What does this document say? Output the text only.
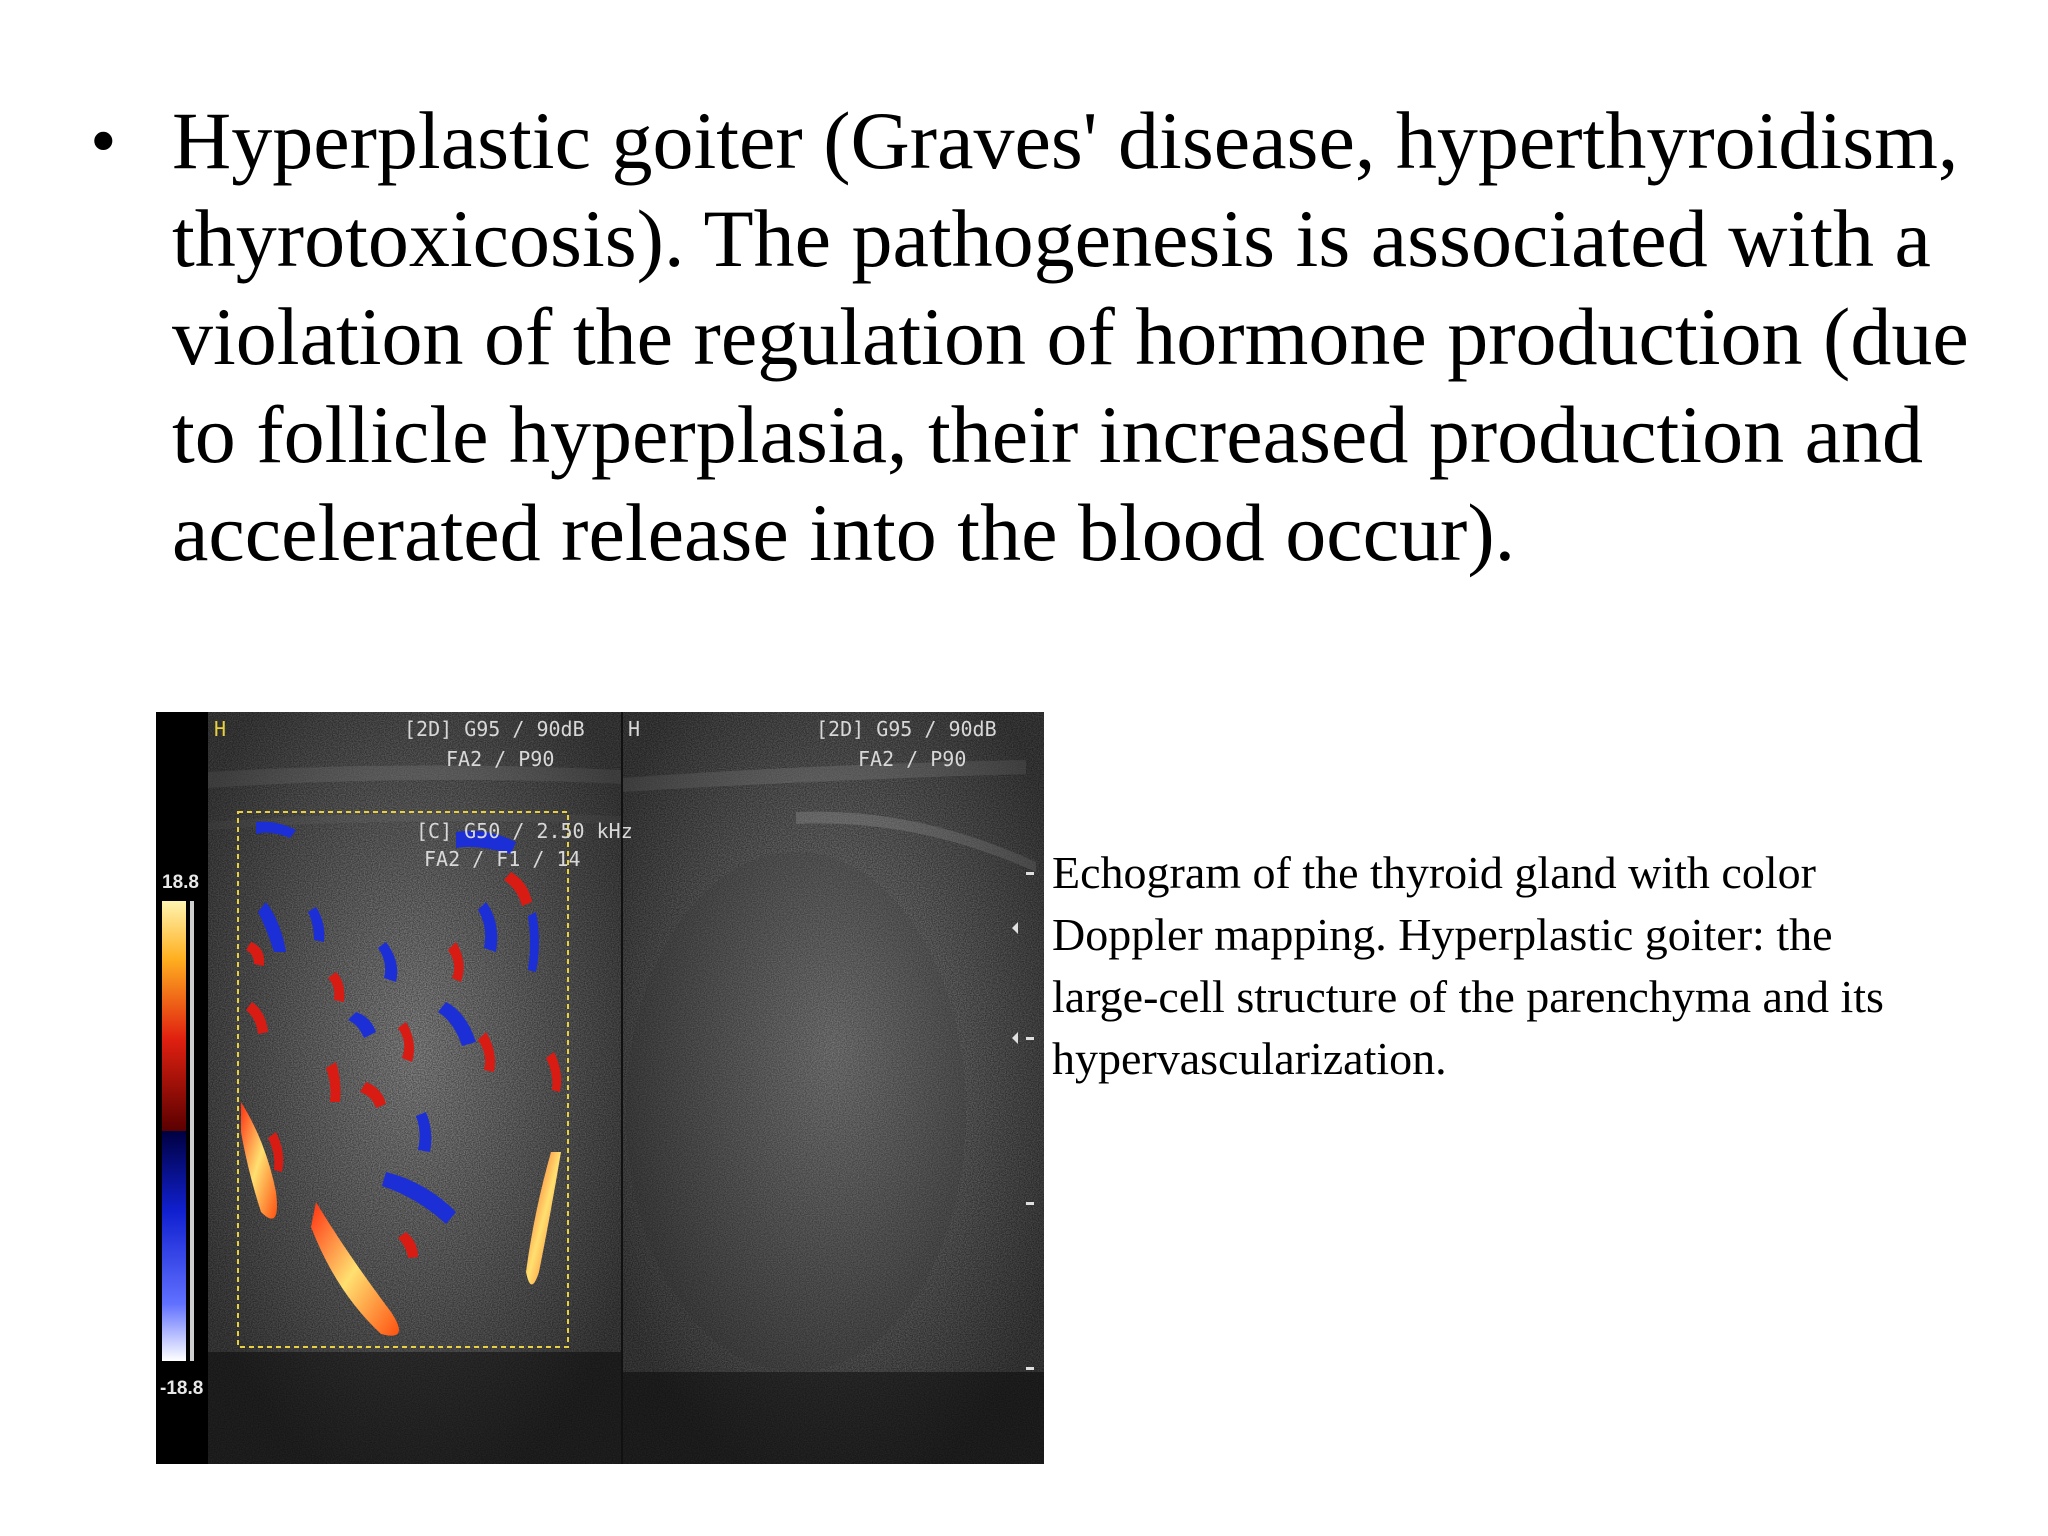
• Hyperplastic goiter (Graves' disease, hyperthyroidism,
thyrotoxicosis). The pathogenesis is associated with a
violation of the regulation of hormone production (due
to follicle hyperplasia, their increased production and
accelerated release into the blood occur).

18.8
-18.8
H	[2D] G95 / 90dB
FA2 / P90
[C] G50 / 2.50 kHz
FA2 / F1 / 14
H	[2D] G95 / 90dB
FA2 / P90

Echogram of the thyroid gland with color
Doppler mapping. Hyperplastic goiter: the
large-cell structure of the parenchyma and its
hypervascularization.
